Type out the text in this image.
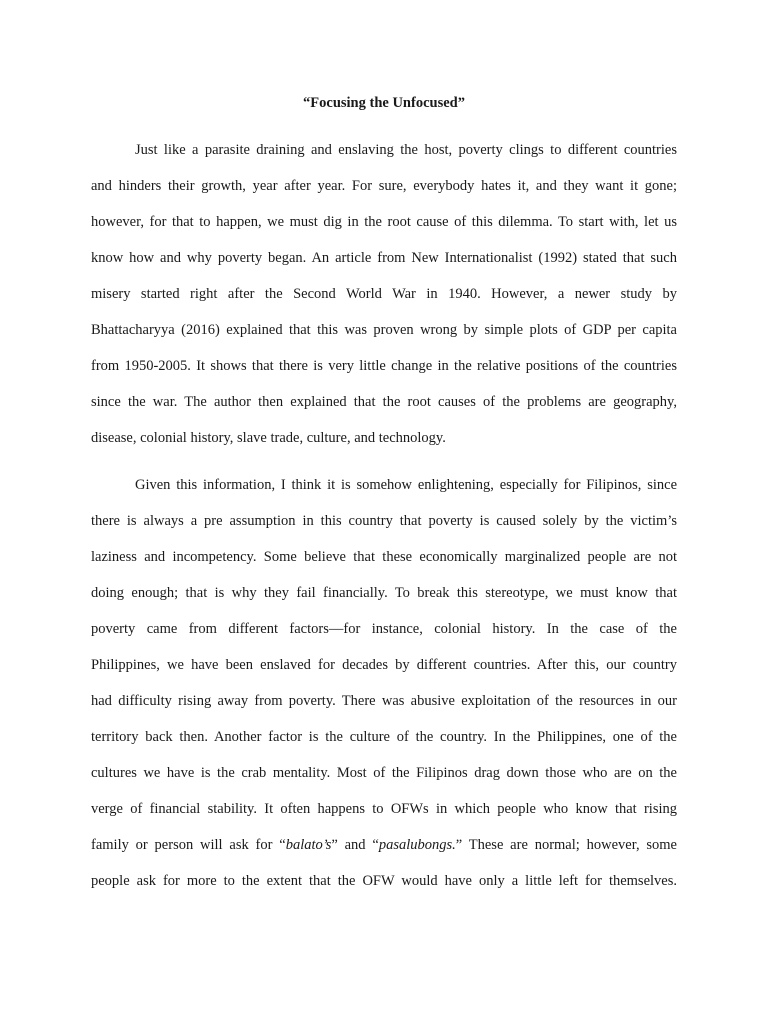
“Focusing the Unfocused”
Just like a parasite draining and enslaving the host, poverty clings to different countries
and hinders their growth, year after year. For sure, everybody hates it, and they want it gone;
however, for that to happen, we must dig in the root cause of this dilemma. To start with, let us
know how and why poverty began. An article from New Internationalist (1992) stated that such
misery started right after the Second World War in 1940. However, a newer study by
Bhattacharyya (2016) explained that this was proven wrong by simple plots of GDP per capita
from 1950-2005. It shows that there is very little change in the relative positions of the countries
since the war. The author then explained that the root causes of the problems are geography,
disease, colonial history, slave trade, culture, and technology.
Given this information, I think it is somehow enlightening, especially for Filipinos, since
there is always a pre assumption in this country that poverty is caused solely by the victim’s
laziness and incompetency. Some believe that these economically marginalized people are not
doing enough; that is why they fail financially. To break this stereotype, we must know that
poverty came from different factors—for instance, colonial history. In the case of the
Philippines, we have been enslaved for decades by different countries. After this, our country
had difficulty rising away from poverty. There was abusive exploitation of the resources in our
territory back then. Another factor is the culture of the country. In the Philippines, one of the
cultures we have is the crab mentality. Most of the Filipinos drag down those who are on the
verge of financial stability. It often happens to OFWs in which people who know that rising
family or person will ask for “balato’s” and “pasalubongs.” These are normal; however, some
people ask for more to the extent that the OFW would have only a little left for themselves.
